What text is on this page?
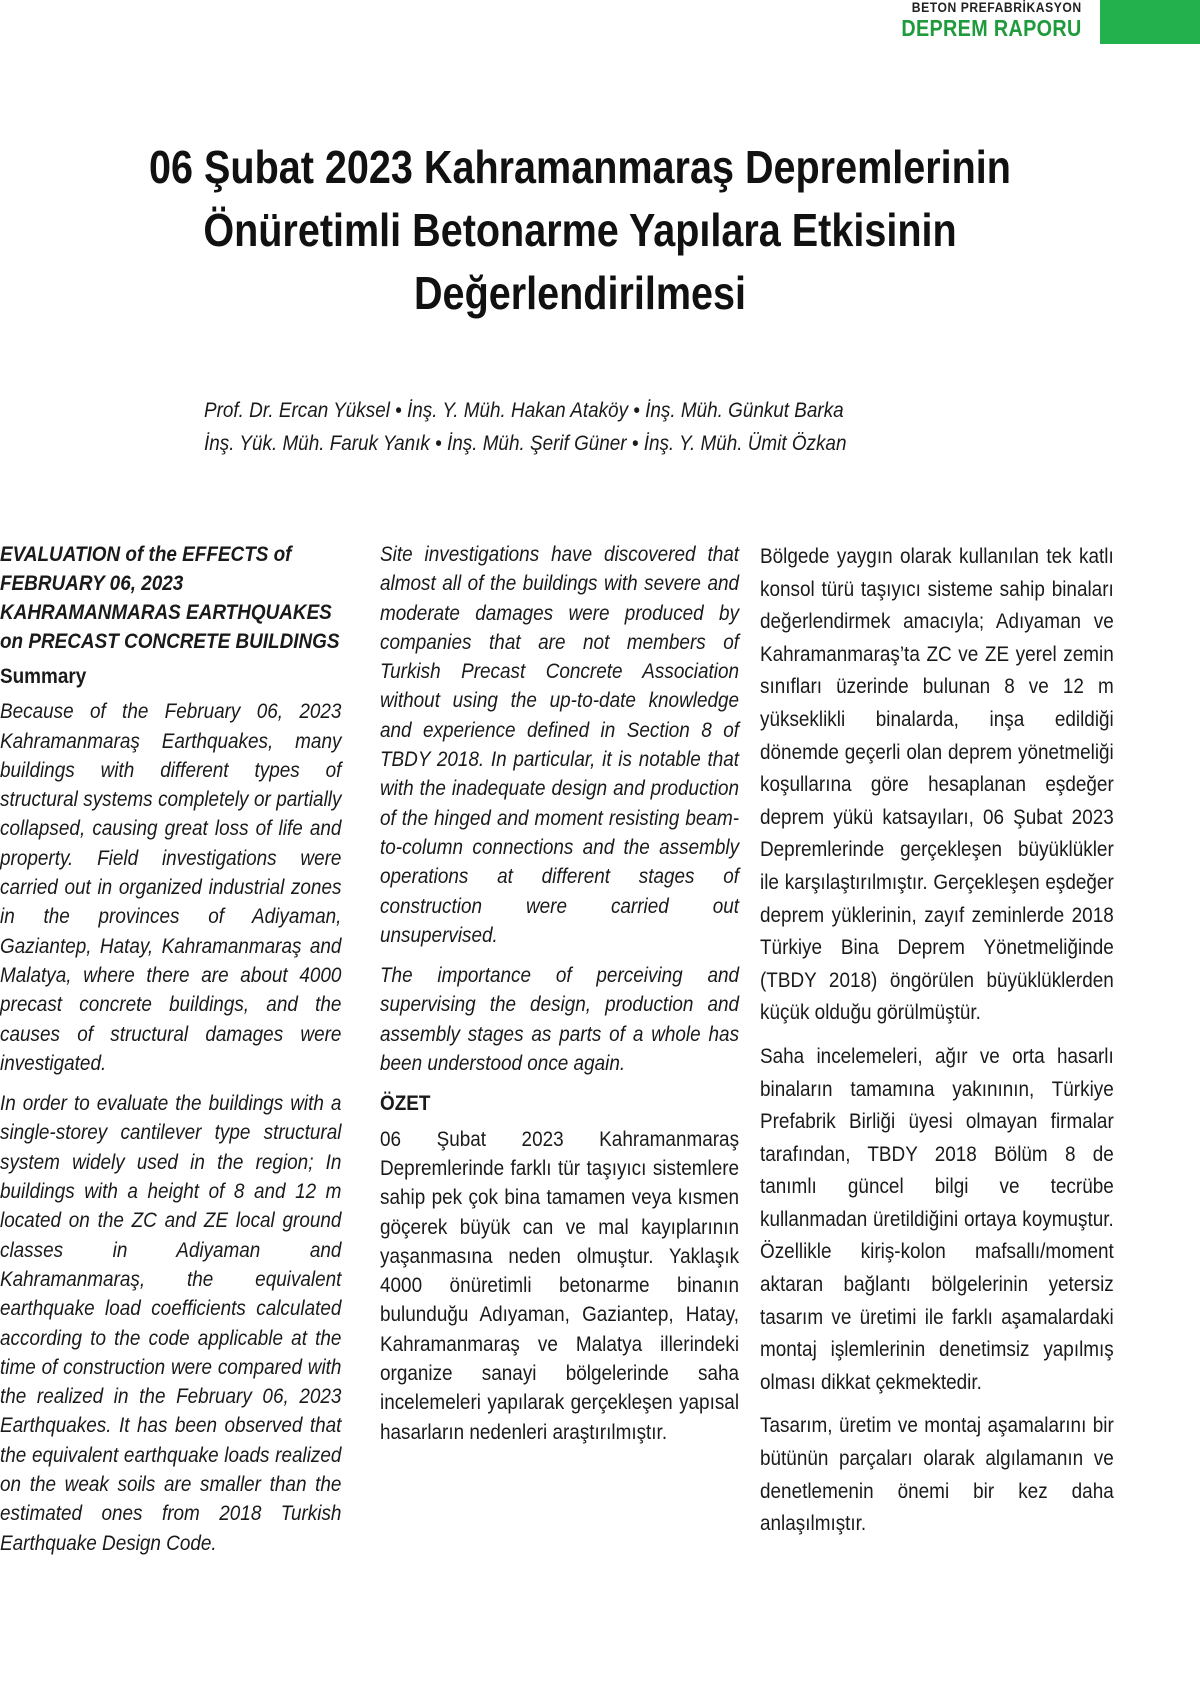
BETON PREFABRİKASYON
DEPREM RAPORU
06 Şubat 2023 Kahramanmaraş Depremlerinin
Önüretimli Betonarme Yapılara Etkisinin
Değerlendirilmesi
Prof. Dr. Ercan Yüksel • İnş. Y. Müh. Hakan Ataköy • İnş. Müh. Günkut Barka
İnş. Yük. Müh. Faruk Yanık • İnş. Müh. Şerif Güner • İnş. Y. Müh. Ümit Özkan

EVALUATION of the EFFECTS of FEBRUARY 06, 2023 KAHRAMANMARAS EARTHQUAKES on PRECAST CONCRETE BUILDINGS

Summary

Because of the February 06, 2023 Kahramanmaraş Earthquakes, many buildings with different types of structural systems completely or partially collapsed, causing great loss of life and property. Field investigations were carried out in organized industrial zones in the provinces of Adiyaman, Gaziantep, Hatay, Kahramanmaraş and Malatya, where there are about 4000 precast concrete buildings, and the causes of structural damages were investigated.

In order to evaluate the buildings with a single-storey cantilever type structural system widely used in the region; In buildings with a height of 8 and 12 m located on the ZC and ZE local ground classes in Adiyaman and Kahramanmaraş, the equivalent earthquake load coefficients calculated according to the code applicable at the time of construction were compared with the realized in the February 06, 2023 Earthquakes. It has been observed that the equivalent earthquake loads realized on the weak soils are smaller than the estimated ones from 2018 Turkish Earthquake Design Code.

Site investigations have discovered that almost all of the buildings with severe and moderate damages were produced by companies that are not members of Turkish Precast Concrete Association without using the up-to-date knowledge and experience defined in Section 8 of TBDY 2018. In particular, it is notable that with the inadequate design and production of the hinged and moment resisting beam-to-column connections and the assembly operations at different stages of construction were carried out unsupervised.

The importance of perceiving and supervising the design, production and assembly stages as parts of a whole has been understood once again.

ÖZET

06 Şubat 2023 Kahramanmaraş Depremlerinde farklı tür taşıyıcı sistemlere sahip pek çok bina tamamen veya kısmen göçerek büyük can ve mal kayıplarının yaşanmasına neden olmuştur. Yaklaşık 4000 önüretimli betonarme binanın bulunduğu Adıyaman, Gaziantep, Hatay, Kahramanmaraş ve Malatya illerindeki organize sanayi bölgelerinde saha incelemeleri yapılarak gerçekleşen yapısal hasarların nedenleri araştırılmıştır.

Bölgede yaygın olarak kullanılan tek katlı konsol türü taşıyıcı sisteme sahip binaları değerlendirmek amacıyla; Adıyaman ve Kahramanmaraş’ta ZC ve ZE yerel zemin sınıfları üzerinde bulunan 8 ve 12 m yükseklikli binalarda, inşa edildiği dönemde geçerli olan deprem yönetmeliği koşullarına göre hesaplanan eşdeğer deprem yükü katsayıları, 06 Şubat 2023 Depremlerinde gerçekleşen büyüklükler ile karşılaştırılmıştır. Gerçekleşen eşdeğer deprem yüklerinin, zayıf zeminlerde 2018 Türkiye Bina Deprem Yönetmeliğinde (TBDY 2018) öngörülen büyüklüklerden küçük olduğu görülmüştür.

Saha incelemeleri, ağır ve orta hasarlı binaların tamamına yakınının, Türkiye Prefabrik Birliği üyesi olmayan firmalar tarafından, TBDY 2018 Bölüm 8 de tanımlı güncel bilgi ve tecrübe kullanmadan üretildiğini ortaya koymuştur. Özellikle kiriş-kolon mafsallı/moment aktaran bağlantı bölgelerinin yetersiz tasarım ve üretimi ile farklı aşamalardaki montaj işlemlerinin denetimsiz yapılmış olması dikkat çekmektedir.

Tasarım, üretim ve montaj aşamalarını bir bütünün parçaları olarak algılamanın ve denetlemenin önemi bir kez daha anlaşılmıştır.
